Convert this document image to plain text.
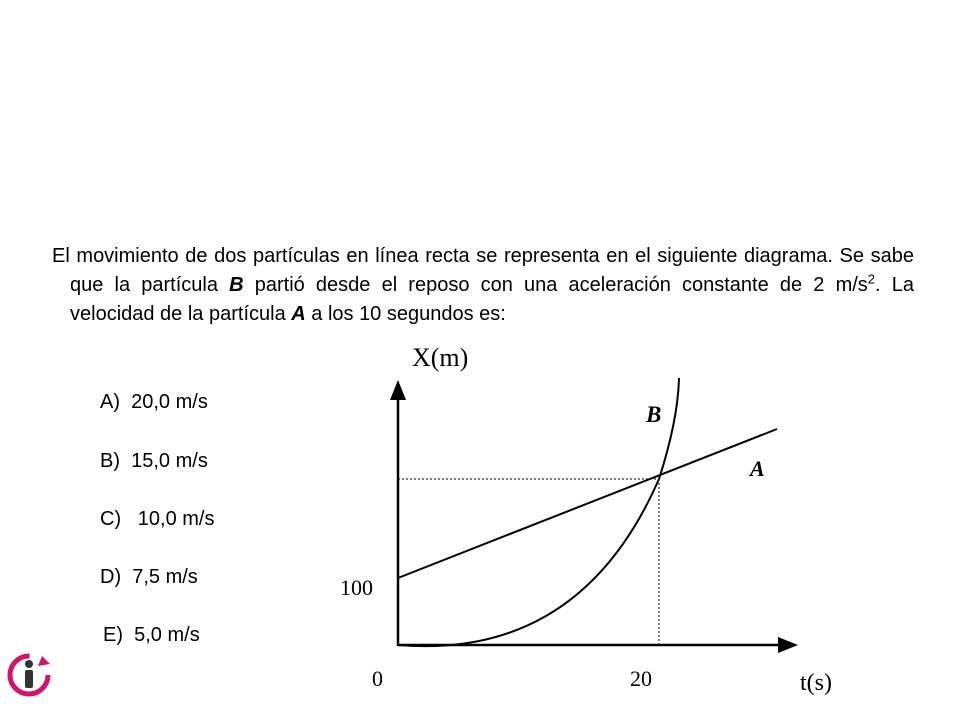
El movimiento de dos partículas en línea recta se representa en el siguiente diagrama. Se sabe que la partícula B partió desde el reposo con una aceleración constante de 2 $m/s^2$. La velocidad de la partícula A a los 10 segundos es:
A)  20,0 m/s
B)  15,0 m/s
C)   10,0 m/s
D)  7,5 m/s
E)  5,0 m/s
X(m)
t(s)
0
100
20
B
A
